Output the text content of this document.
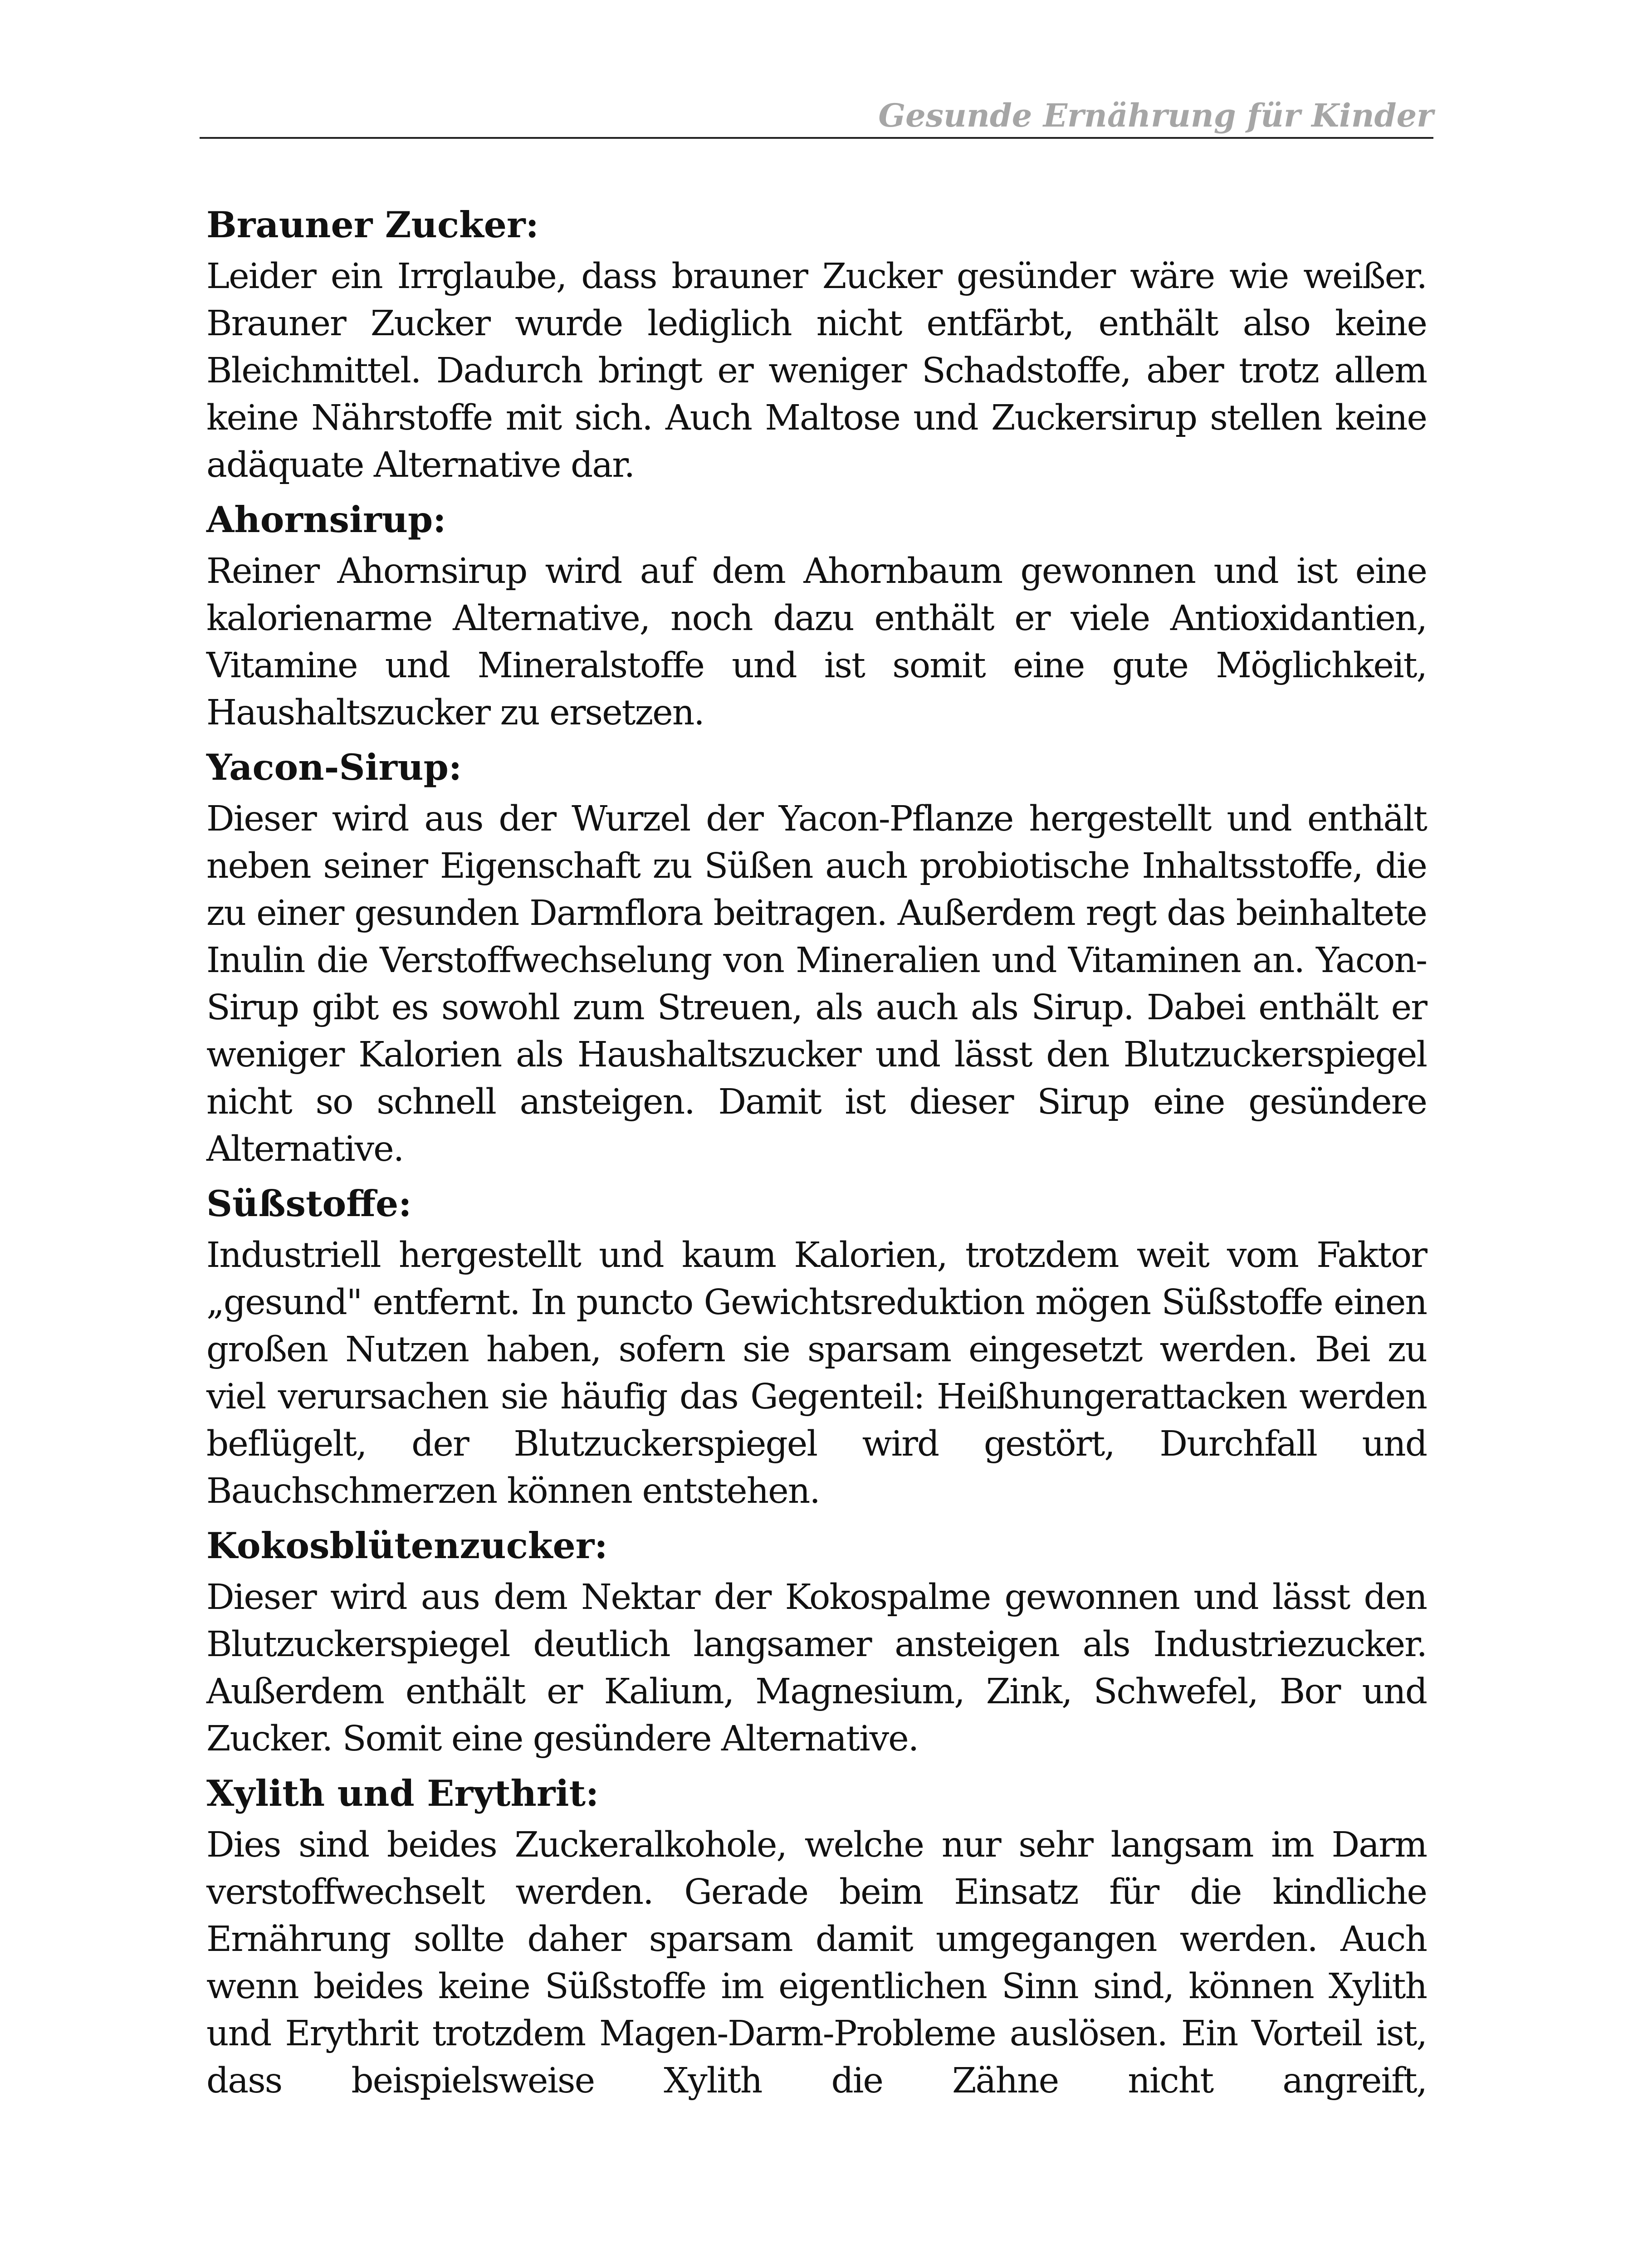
Gesunde Ernährung für Kinder
Brauner Zucker:

Leider ein Irrglaube, dass brauner Zucker gesünder wäre wie weißer. Brauner Zucker wurde lediglich nicht entfärbt, enthält also keine Bleichmittel. Dadurch bringt er weniger Schadstoffe, aber trotz allem keine Nährstoffe mit sich. Auch Maltose und Zuckersirup stellen keine adäquate Alternative dar.

Ahornsirup:

Reiner Ahornsirup wird auf dem Ahornbaum gewonnen und ist eine kalorienarme Alternative, noch dazu enthält er viele Antioxidantien, Vitamine und Mineralstoffe und ist somit eine gute Möglichkeit, Haushaltszucker zu ersetzen.

Yacon-Sirup:

Dieser wird aus der Wurzel der Yacon-Pflanze hergestellt und enthält neben seiner Eigenschaft zu Süßen auch probiotische Inhaltsstoffe, die zu einer gesunden Darmflora beitragen. Außerdem regt das beinhaltete Inulin die Verstoffwechselung von Mineralien und Vitaminen an. Yacon-Sirup gibt es sowohl zum Streuen, als auch als Sirup. Dabei enthält er weniger Kalorien als Haushaltszucker und lässt den Blutzuckerspiegel nicht so schnell ansteigen. Damit ist dieser Sirup eine gesündere Alternative.

Süßstoffe:

Industriell hergestellt und kaum Kalorien, trotzdem weit vom Faktor „gesund" entfernt. In puncto Gewichtsreduktion mögen Süßstoffe einen großen Nutzen haben, sofern sie sparsam eingesetzt werden. Bei zu viel verursachen sie häufig das Gegenteil: Heißhungerattacken werden beflügelt, der Blutzuckerspiegel wird gestört, Durchfall und Bauchschmerzen können entstehen.

Kokosblütenzucker:

Dieser wird aus dem Nektar der Kokospalme gewonnen und lässt den Blutzuckerspiegel deutlich langsamer ansteigen als Industriezucker. Außerdem enthält er Kalium, Magnesium, Zink, Schwefel, Bor und Zucker. Somit eine gesündere Alternative.

Xylith und Erythrit:

Dies sind beides Zuckeralkohole, welche nur sehr langsam im Darm verstoffwechselt werden. Gerade beim Einsatz für die kindliche Ernährung sollte daher sparsam damit umgegangen werden. Auch wenn beides keine Süßstoffe im eigentlichen Sinn sind, können Xylith und Erythrit trotzdem Magen-Darm-Probleme auslösen. Ein Vorteil ist, dass beispielsweise Xylith die Zähne nicht angreift,
